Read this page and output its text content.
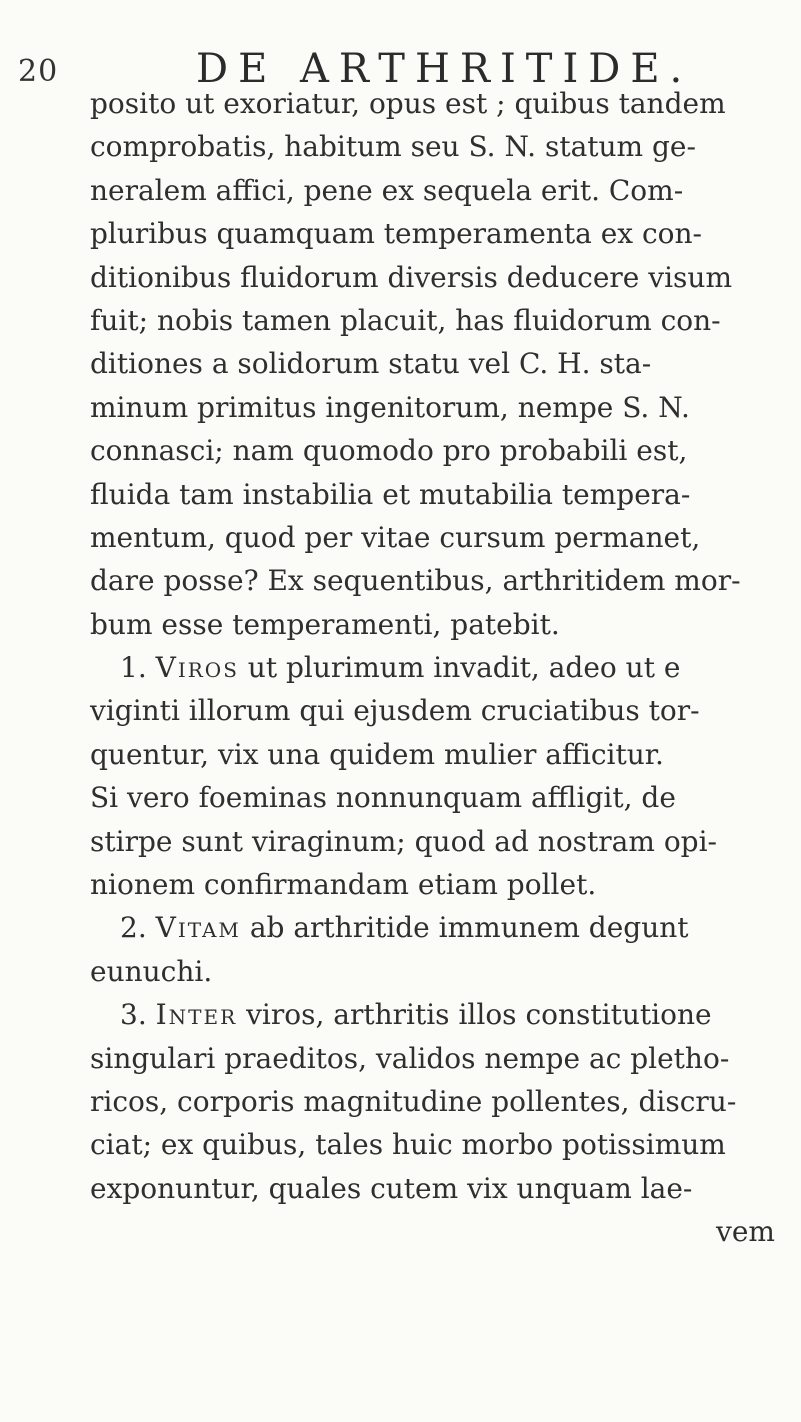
20	DE ARTHRITIDE.
posito ut exoriatur, opus est ; quibus tandem
comprobatis, habitum seu S. N. statum ge-
neralem affici, pene ex sequela erit. Com-
pluribus quamquam temperamenta ex con-
ditionibus fluidorum diversis deducere visum
fuit; nobis tamen placuit, has fluidorum con-
ditiones a solidorum statu vel C. H. sta-
minum primitus ingenitorum, nempe S. N.
connasci; nam quomodo pro probabili est,
fluida tam instabilia et mutabilia tempera-
mentum, quod per vitae cursum permanet,
dare posse? Ex sequentibus, arthritidem mor-
bum esse temperamenti, patebit.
1. Viros ut plurimum invadit, adeo ut e
viginti illorum qui ejusdem cruciatibus tor-
quentur, vix una quidem mulier afficitur.
Si vero foeminas nonnunquam affligit, de
stirpe sunt viraginum; quod ad nostram opi-
nionem confirmandam etiam pollet.
2. Vitam ab arthritide immunem degunt
eunuchi.
3. Inter viros, arthritis illos constitutione
singulari praeditos, validos nempe ac pletho-
ricos, corporis magnitudine pollentes, discru-
ciat; ex quibus, tales huic morbo potissimum
exponuntur, quales cutem vix unquam lae-
vem
